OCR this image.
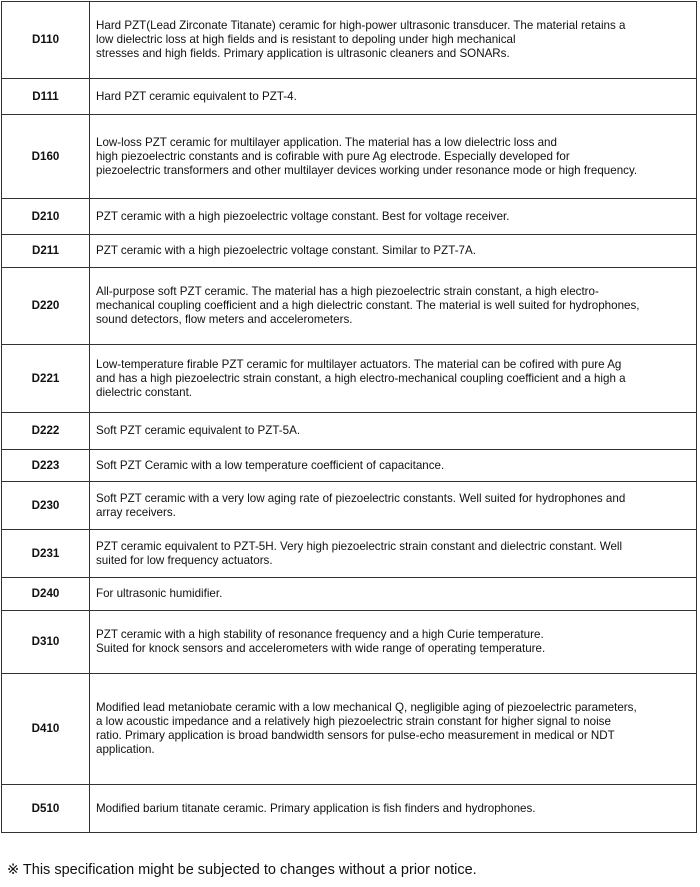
D110	Hard PZT(Lead Zirconate Titanate) ceramic for high-power ultrasonic transducer. The material retains a
low dielectric loss at high fields and is resistant to depoling under high mechanical
stresses and high fields. Primary application is ultrasonic cleaners and SONARs.

D111	Hard PZT ceramic equivalent to PZT-4.

D160	Low-loss PZT ceramic for multilayer application. The material has a low dielectric loss and
high piezoelectric constants and is cofirable with pure Ag electrode. Especially developed for
piezoelectric transformers and other multilayer devices working under resonance mode or high frequency.

D210	PZT ceramic with a high piezoelectric voltage constant. Best for voltage receiver.

D211	PZT ceramic with a high piezoelectric voltage constant. Similar to PZT-7A.

D220	All-purpose soft PZT ceramic. The material has a high piezoelectric strain constant, a high electro-
mechanical coupling coefficient and a high dielectric constant. The material is well suited for hydrophones,
sound detectors, flow meters and accelerometers.

D221	Low-temperature firable PZT ceramic for multilayer actuators. The material can be cofired with pure Ag
and has a high piezoelectric strain constant, a high electro-mechanical coupling coefficient and a high a
dielectric constant.

D222	Soft PZT ceramic equivalent to PZT-5A.

D223	Soft PZT Ceramic with a low temperature coefficient of capacitance.

D230	Soft PZT ceramic with a very low aging rate of piezoelectric constants. Well suited for hydrophones and
array receivers.

D231	PZT ceramic equivalent to PZT-5H. Very high piezoelectric strain constant and dielectric constant. Well
suited for low frequency actuators.

D240	For ultrasonic humidifier.

D310	PZT ceramic with a high stability of resonance frequency and a high Curie temperature.
Suited for knock sensors and accelerometers with wide range of operating temperature.

D410	Modified lead metaniobate ceramic with a low mechanical Q, negligible aging of piezoelectric parameters,
a low acoustic impedance and a relatively high piezoelectric strain constant for higher signal to noise
ratio. Primary application is broad bandwidth sensors for pulse-echo measurement in medical or NDT
application.

D510	Modified barium titanate ceramic. Primary application is fish finders and hydrophones.
※ This specification might be subjected to changes without a prior notice.
